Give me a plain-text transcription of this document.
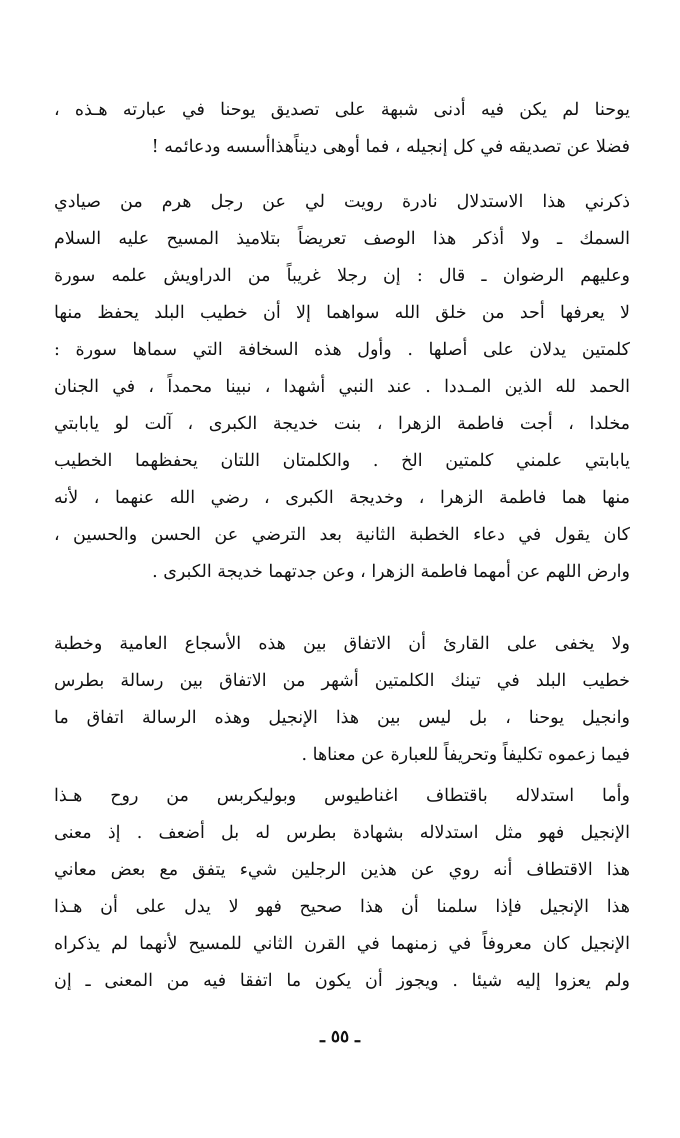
يوحنا لم يكن فيه أدنى شبهة على تصديق يوحنا في عبارته هـذه ،
فضلا عن تصديقه في كل إنجيله ، فما أوهى ديناًهذاأسسه ودعائمه !
ذكرني هذا الاستدلال نادرة رويت لي عن رجل هرم من صيادي
السمك ـ ولا أذكر هذا الوصف تعريضاً بتلاميذ المسيح عليه السلام
وعليهم الرضوان ـ قال : إن رجلا غريباً من الدراويش علمه سورة
لا يعرفها أحد من خلق الله سواهما إلا أن خطيب البلد يحفظ منها
كلمتين يدلان على أصلها . وأول هذه السخافة التي سماها سورة :
الحمد لله الذين المـددا . عند النبي أشهدا ، نبينا محمداً ، في الجنان
مخلدا ، أجت فاطمة الزهرا ، بنت خديجة الكبرى ، آلت لو يابابتي
يابابتي علمني كلمتين الخ . والكلمتان اللتان يحفظهما الخطيب
منها هما فاطمة الزهرا ، وخديجة الكبرى ، رضي الله عنهما ، لأنه
كان يقول في دعاء الخطبة الثانية بعد الترضي عن الحسن والحسين ،
وارض اللهم عن أمهما فاطمة الزهرا ، وعن جدتهما خديجة الكبرى .
ولا يخفى على القارئ أن الاتفاق بين هذه الأسجاع العامية وخطبة
خطيب البلد في تينك الكلمتين أشهر من الاتفاق بين رسالة بطرس
وانجيل يوحنا ، بل ليس بين هذا الإنجيل وهذه الرسالة اتفاق ما
فيما زعموه تكليفاً وتحريفاً للعبارة عن معناها .
وأما استدلاله باقتطاف اغناطيوس وبوليكربس من روح هـذا
الإنجيل فهو مثل استدلاله بشهادة بطرس له بل أضعف . إذ معنى
هذا الاقتطاف أنه روي عن هذين الرجلين شيء يتفق مع بعض معاني
هذا الإنجيل فإذا سلمنا أن هذا صحيح فهو لا يدل على أن هـذا
الإنجيل كان معروفاً في زمنهما في القرن الثاني للمسيح لأنهما لم يذكراه
ولم يعزوا إليه شيئا . ويجوز أن يكون ما اتفقا فيه من المعنى ـ إن
ـ ٥٥ ـ
